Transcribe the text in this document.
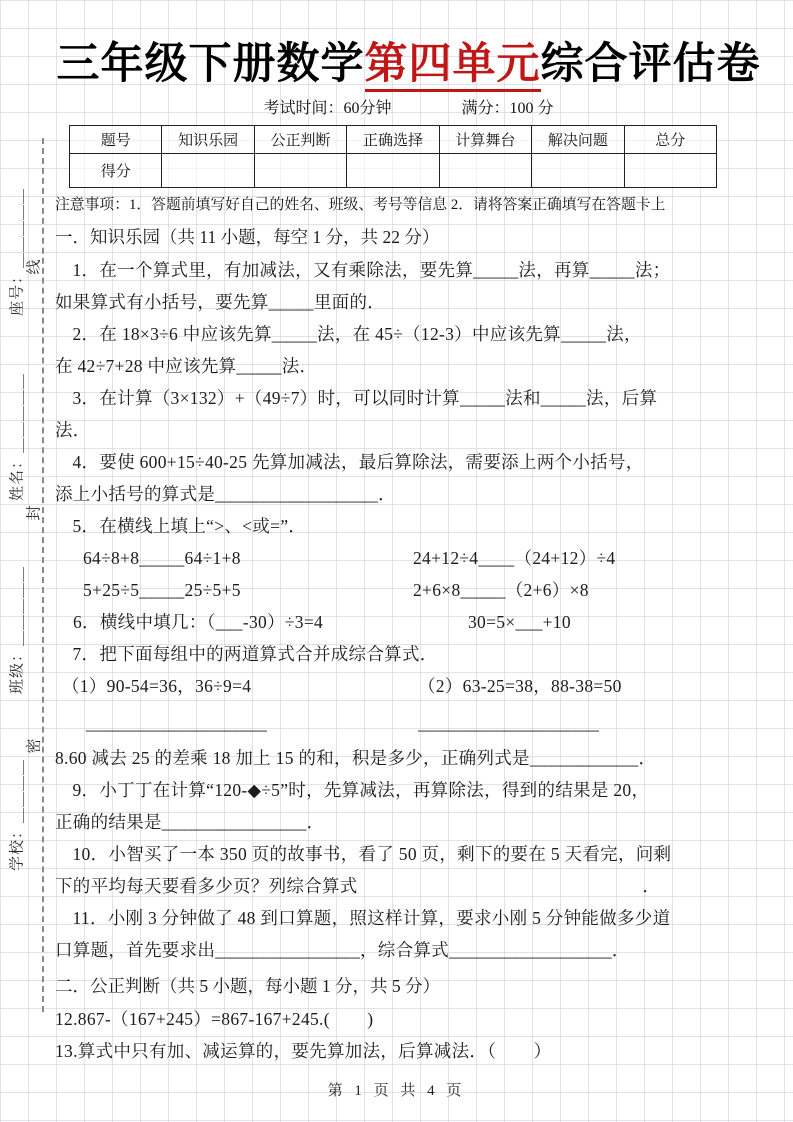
座号：＿＿＿＿＿
姓名：＿＿＿＿＿
班级：＿＿＿＿＿
学校：＿＿＿＿
线
封
密
三年级下册数学第四单元综合评估卷
考试时间：60分钟	满分：100 分
题号	知识乐园	公正判断	正确选择	计算舞台	解决问题	总分
得分						
注意事项：1．答题前填写好自己的姓名、班级、考号等信息 2．请将答案正确填写在答题卡上
一．知识乐园（共 11 小题，每空 1 分，共 22 分）

1．在一个算式里，有加减法，又有乘除法，要先算_____法，再算_____法；

如果算式有小括号，要先算_____里面的．

2．在 18×3÷6 中应该先算_____法，在 45÷（12-3）中应该先算_____法，

在 42÷7+28 中应该先算_____法．

3．在计算（3×132）+（49÷7）时，可以同时计算_____法和_____法，后算

法．

4．要使 600+15÷40-25 先算加减法，最后算除法，需要添上两个小括号，

添上小括号的算式是__________________．

5．在横线上填上“>、<或=”．

64÷8+8_____64÷1+8	24+12÷4____（24+12）÷4
5+25÷5_____25÷5+5	2+6×8_____（2+6）×8
6．横线中填几：（___-30）÷3=4	30=5×___+10

7．把下面每组中的两道算式合并成综合算式．

（1）90-54=36，36÷9=4	（2）63-25=38，88-38=50
____________________	____________________

8.60 减去 25 的差乘 18 加上 15 的和，积是多少，正确列式是____________．

9．小丁丁在计算“120-◆÷5”时，先算减法，再算除法，得到的结果是 20，

正确的结果是________________．

10．小智买了一本 350 页的故事书，看了 50 页，剩下的要在 5 天看完，问剩

下的平均每天要看多少页？列综合算式　　　　　　　　　　　　　　　　．

11．小刚 3 分钟做了 48 到口算题，照这样计算，要求小刚 5 分钟能做多少道

口算题，首先要求出________________，综合算式__________________．

二．公正判断（共 5 小题，每小题 1 分，共 5 分）

12.867-（167+245）=867-167+245.(        )

13.算式中只有加、减运算的，要先算加法，后算减法．（        ）

第 1 页 共 4 页
